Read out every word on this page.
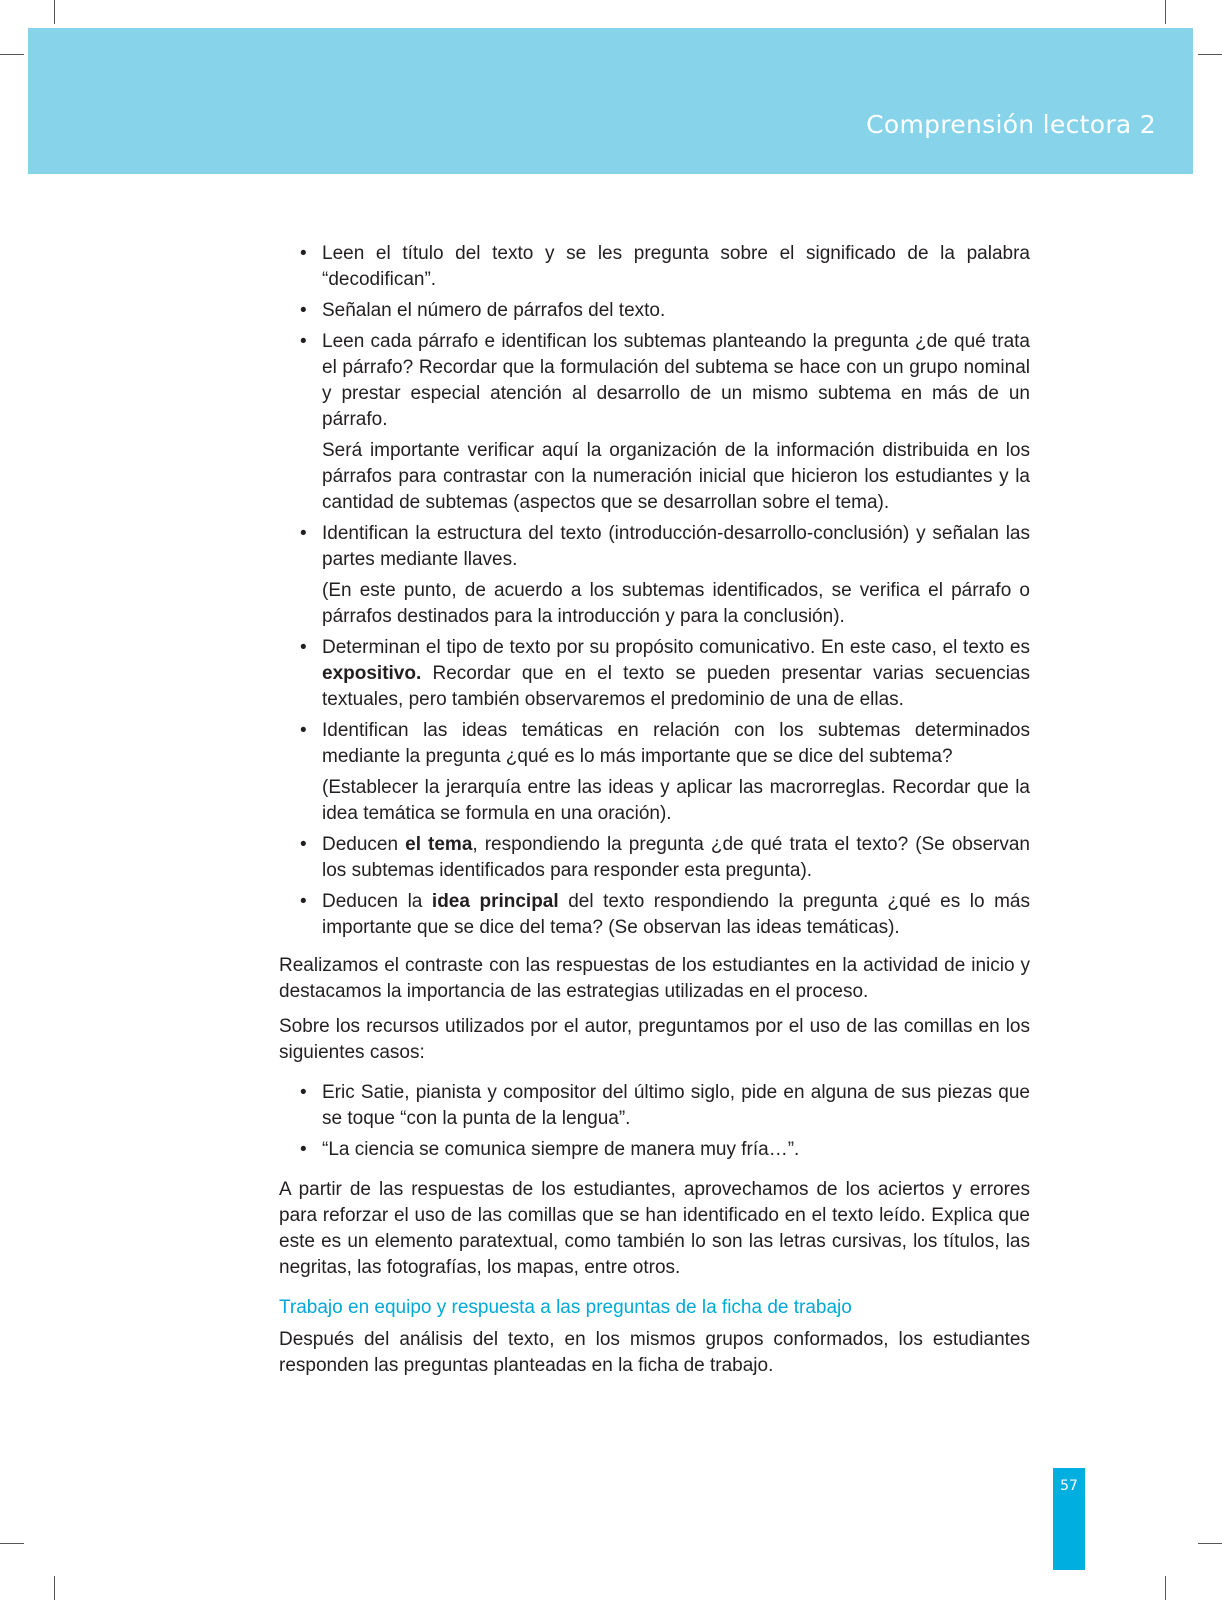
Comprensión lectora 2
• Leen el título del texto y se les pregunta sobre el significado de la palabra “decodifican”.

• Señalan el número de párrafos del texto.

• Leen cada párrafo e identifican los subtemas planteando la pregunta ¿de qué trata el párrafo? Recordar que la formulación del subtema se hace con un grupo nominal y prestar especial atención al desarrollo de un mismo subtema en más de un párrafo.

Será importante verificar aquí la organización de la información distribuida en los párrafos para contrastar con la numeración inicial que hicieron los estudiantes y la cantidad de subtemas (aspectos que se desarrollan sobre el tema).

• Identifican la estructura del texto (introducción-desarrollo-conclusión) y señalan las partes mediante llaves.

(En este punto, de acuerdo a los subtemas identificados, se verifica el párrafo o párrafos destinados para la introducción y para la conclusión).

• Determinan el tipo de texto por su propósito comunicativo. En este caso, el texto es expositivo. Recordar que en el texto se pueden presentar varias secuencias textuales, pero también observaremos el predominio de una de ellas.

• Identifican las ideas temáticas en relación con los subtemas determinados mediante la pregunta ¿qué es lo más importante que se dice del subtema?

(Establecer la jerarquía entre las ideas y aplicar las macrorreglas. Recordar que la idea temática se formula en una oración).

• Deducen el tema, respondiendo la pregunta ¿de qué trata el texto? (Se observan los subtemas identificados para responder esta pregunta).

• Deducen la idea principal del texto respondiendo la pregunta ¿qué es lo más importante que se dice del tema? (Se observan las ideas temáticas).

Realizamos el contraste con las respuestas de los estudiantes en la actividad de inicio y destacamos la importancia de las estrategias utilizadas en el proceso.

Sobre los recursos utilizados por el autor, preguntamos por el uso de las comillas en los siguientes casos:

• Eric Satie, pianista y compositor del último siglo, pide en alguna de sus piezas que se toque “con la punta de la lengua”.

• “La ciencia se comunica siempre de manera muy fría…”.

A partir de las respuestas de los estudiantes, aprovechamos de los aciertos y errores para reforzar el uso de las comillas que se han identificado en el texto leído. Explica que este es un elemento paratextual, como también lo son las letras cursivas, los títulos, las negritas, las fotografías, los mapas, entre otros.

Trabajo en equipo y respuesta a las preguntas de la ficha de trabajo

Después del análisis del texto, en los mismos grupos conformados, los estudiantes responden las preguntas planteadas en la ficha de trabajo.

57
